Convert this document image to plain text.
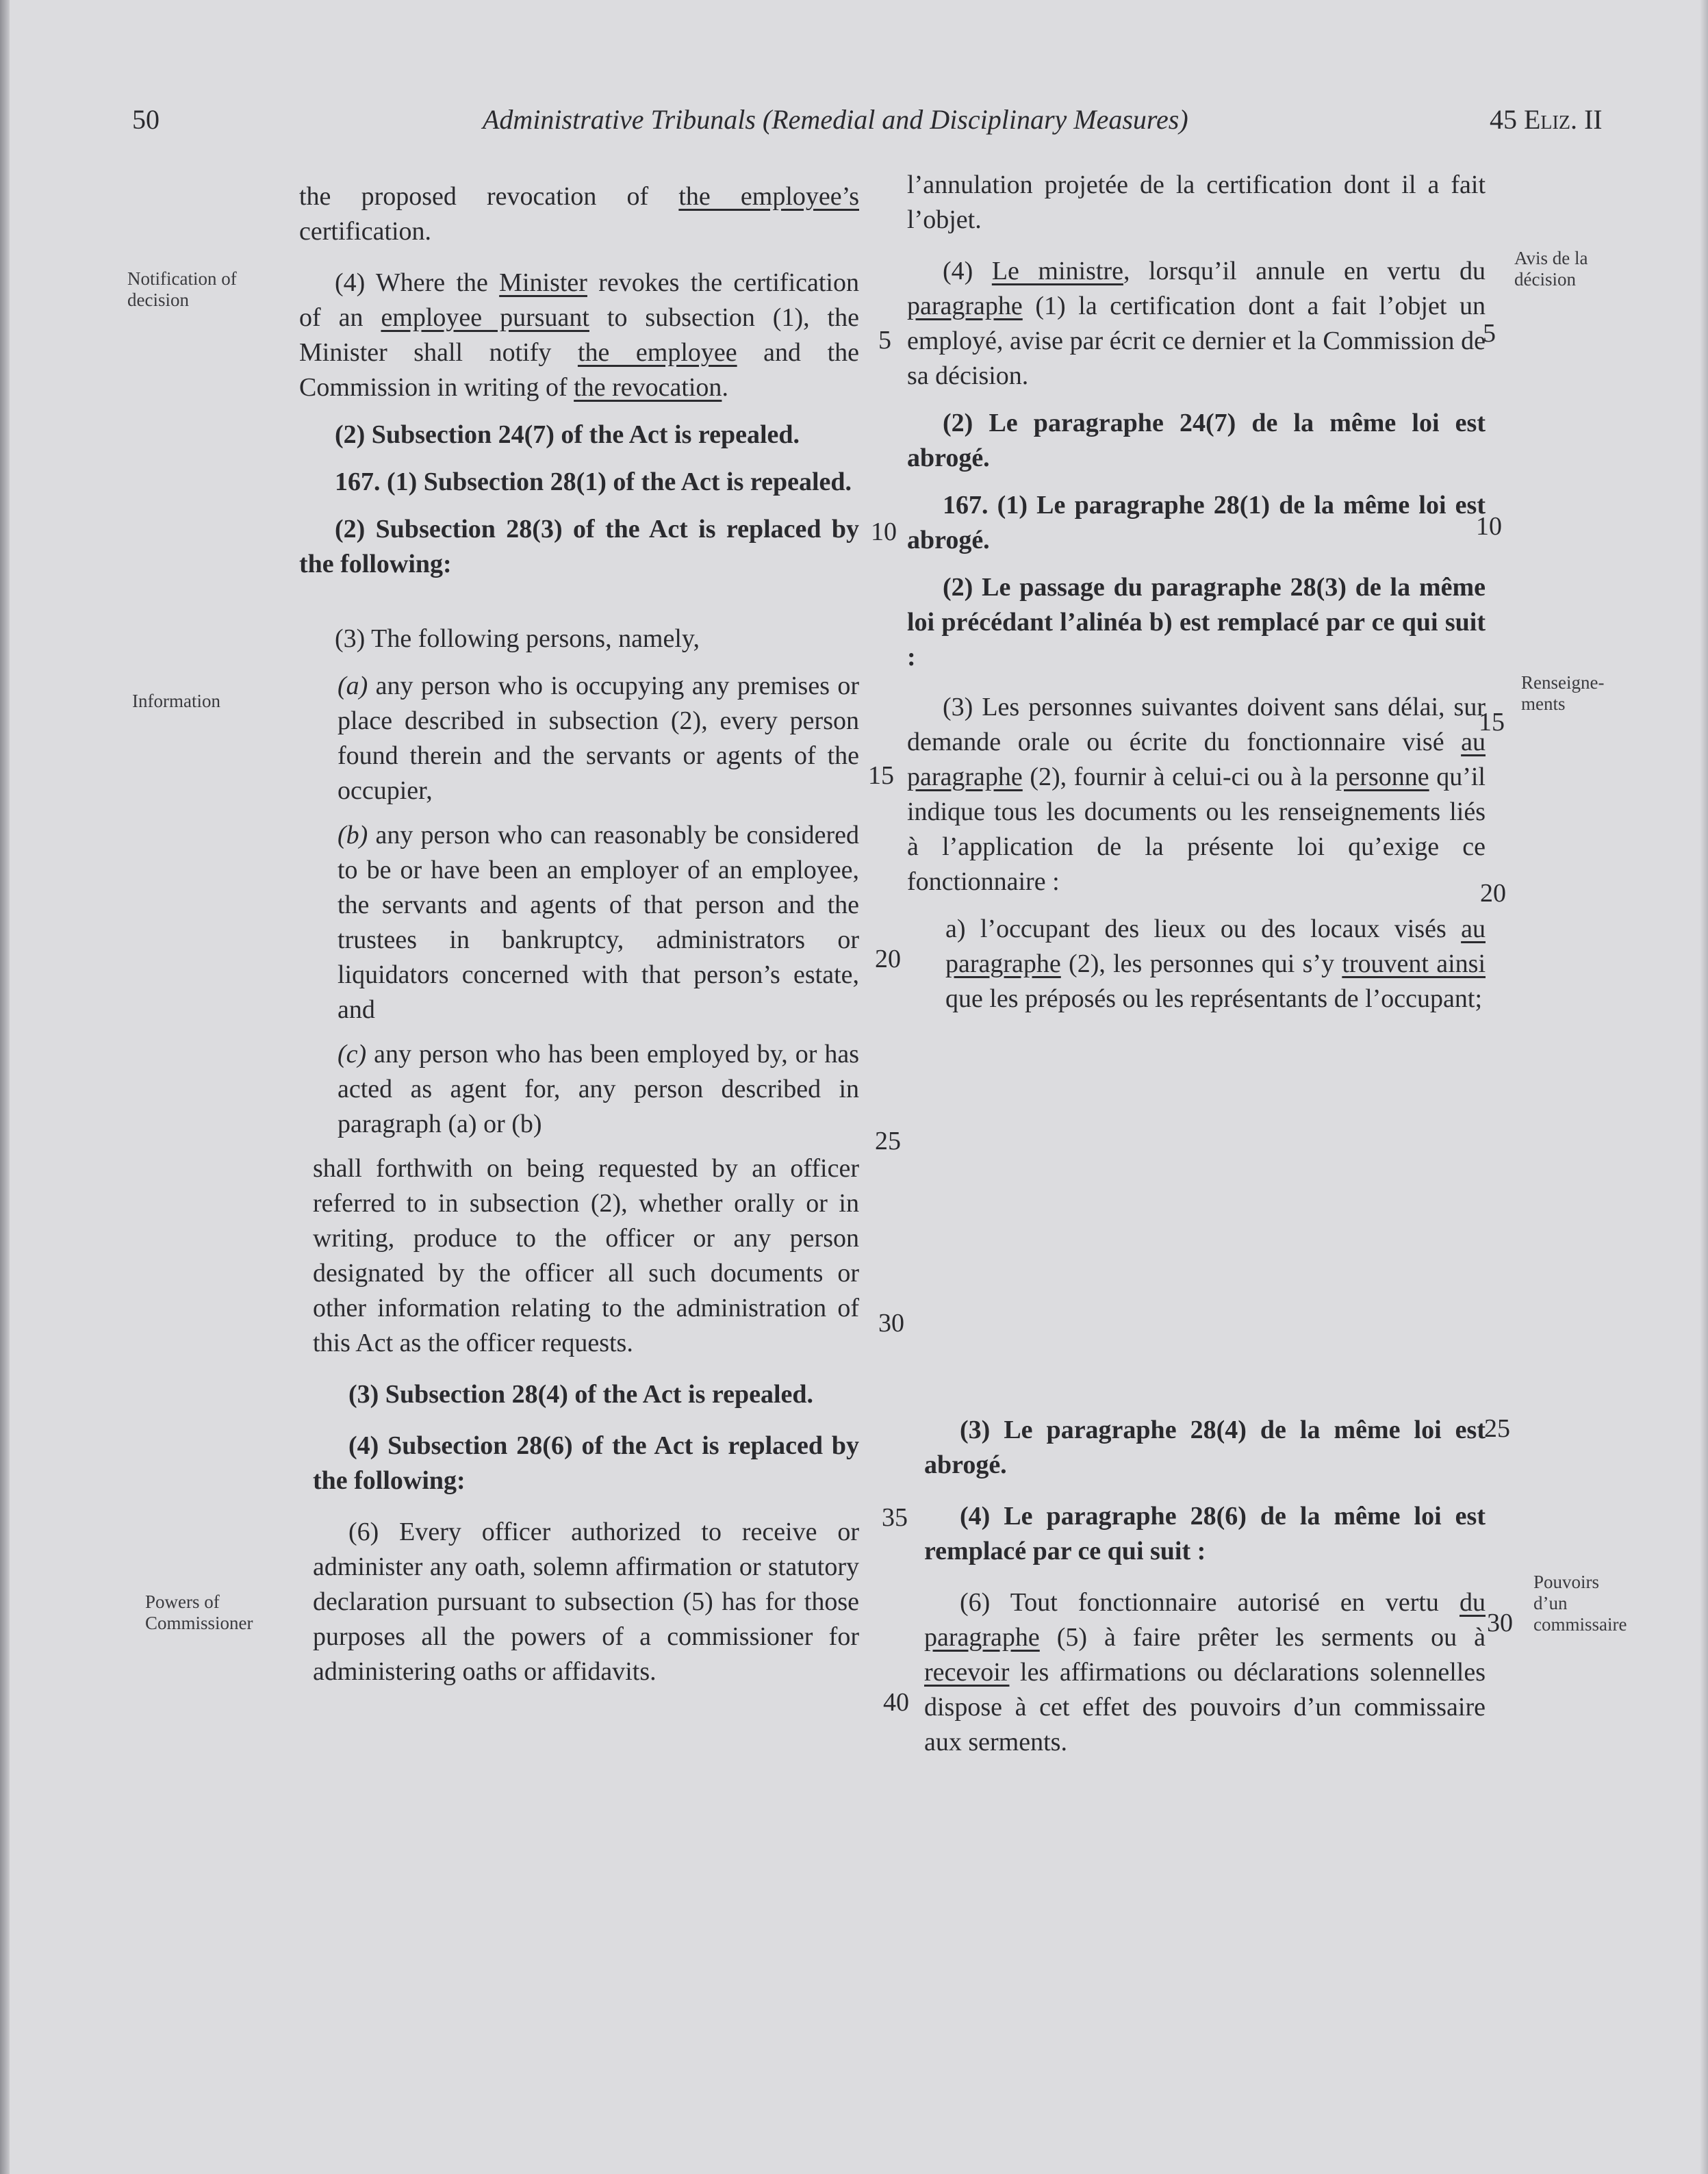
50	Administrative Tribunals (Remedial and Disciplinary Measures)	45 Eliz. II
Notification of decision
Avis de la décision
Information
Renseigne-ments
Powers of Commissioner
Pouvoirs d’un commissaire
5	5
10	10
15
15
20
20
25
30
25
35
30
40

the proposed revocation of the employee’s certification.

(4) Where the Minister revokes the certification of an employee pursuant to subsection (1), the Minister shall notify the employee and the Commission in writing of the revocation.

(2) Subsection 24(7) of the Act is repealed.

167. (1) Subsection 28(1) of the Act is repealed.

(2) Subsection 28(3) of the Act is replaced by the following:

(3) The following persons, namely,

(a) any person who is occupying any premises or place described in subsection (2), every person found therein and the servants or agents of the occupier,
(b) any person who can reasonably be considered to be or have been an employer of an employee, the servants and agents of that person and the trustees in bankruptcy, administrators or liquidators concerned with that person’s estate, and
(c) any person who has been employed by, or has acted as agent for, any person described in paragraph (a) or (b)

shall forthwith on being requested by an officer referred to in subsection (2), whether orally or in writing, produce to the officer or any person designated by the officer all such documents or other information relating to the administration of this Act as the officer requests.

(3) Subsection 28(4) of the Act is repealed.

(4) Subsection 28(6) of the Act is replaced by the following:

(6) Every officer authorized to receive or administer any oath, solemn affirmation or statutory declaration pursuant to subsection (5) has for those purposes all the powers of a commissioner for administering oaths or affidavits.

l’annulation projetée de la certification dont il a fait l’objet.

(4) Le ministre, lorsqu’il annule en vertu du paragraphe (1) la certification dont a fait l’objet un employé, avise par écrit ce dernier et la Commission de sa décision.

(2) Le paragraphe 24(7) de la même loi est abrogé.

167. (1) Le paragraphe 28(1) de la même loi est abrogé.

(2) Le passage du paragraphe 28(3) de la même loi précédant l’alinéa b) est remplacé par ce qui suit :

(3) Les personnes suivantes doivent sans délai, sur demande orale ou écrite du fonctionnaire visé au paragraphe (2), fournir à celui-ci ou à la personne qu’il indique tous les documents ou les renseignements liés à l’application de la présente loi qu’exige ce fonctionnaire :

a) l’occupant des lieux ou des locaux visés au paragraphe (2), les personnes qui s’y trouvent ainsi que les préposés ou les représentants de l’occupant;

(3) Le paragraphe 28(4) de la même loi est abrogé.

(4) Le paragraphe 28(6) de la même loi est remplacé par ce qui suit :

(6) Tout fonctionnaire autorisé en vertu du paragraphe (5) à faire prêter les serments ou à recevoir les affirmations ou déclarations solennelles dispose à cet effet des pouvoirs d’un commissaire aux serments.
